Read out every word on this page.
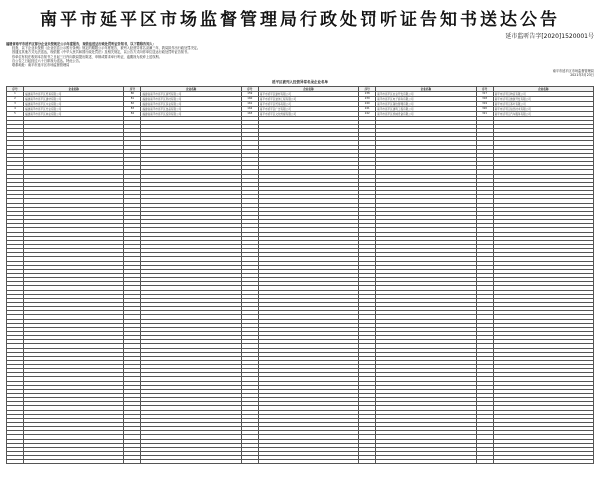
南平市延平区市场监督管理局行政处罚听证告知书送达公告
延市监听告字[2020]1520001号
福建省南平市延平区部分企业未按规定公示年度报告，现依法送达行政处罚听证告知书，以下简称告知人：

经查，以下企业未按照《企业信息公示暂行条例》规定的期限公示年度报告，被列入经营异常名录满三年，我局拟作出行政处罚决定。

因通过其他方式无法送达，现依据《中华人民共和国行政处罚法》及相关规定，以公告方式向你单位送达行政处罚听证告知书。

你单位有权在收到本告知书之日起三日内向我局提出陈述、申辩或要求举行听证，逾期视为放弃上述权利。

自公告之日起经过六十日即视为送达。特此公告。

联系地址：南平市延平区市场监督管理局

南平市延平区市场监督管理局
2021年3月23日
延平区被列入经营异常名录企业名单
序号	企业名称	序号	企业名称	序号	企业名称	序号	企业名称	序号	企业名称
1	福建南平市延平区贸易有限公司	80	福建省南平市延平区商贸有限公司	159	南平市延平区建材有限公司	238	南平市延平区农业开发有限公司	317	南平市延平区物流有限公司
2	福建南平市延平区建材有限公司	81	福建省南平市延平区科技有限公司	160	南平市延平区装饰工程有限公司	239	南平市延平区电子商务有限公司	318	南平市延平区旅游开发有限公司
3	福建南平市延平区木业有限公司	82	福建省南平市延平区茶业有限公司	161	南平市延平区贸易有限公司	240	南平市延平区餐饮管理有限公司	319	南平市延平区茶叶有限公司
4	福建南平市延平区竹业有限公司	83	福建省南平市延平区食品有限公司	162	南平市延平区广告有限公司	241	南平市延平区建筑工程有限公司	320	南平市延平区信息技术有限公司
5	福建南平市延平区林业有限公司	84	福建省南平市延平区投资有限公司	163	南平市延平区文化传媒有限公司	242	南平市延平区机械设备有限公司	321	南平市延平区汽车服务有限公司
